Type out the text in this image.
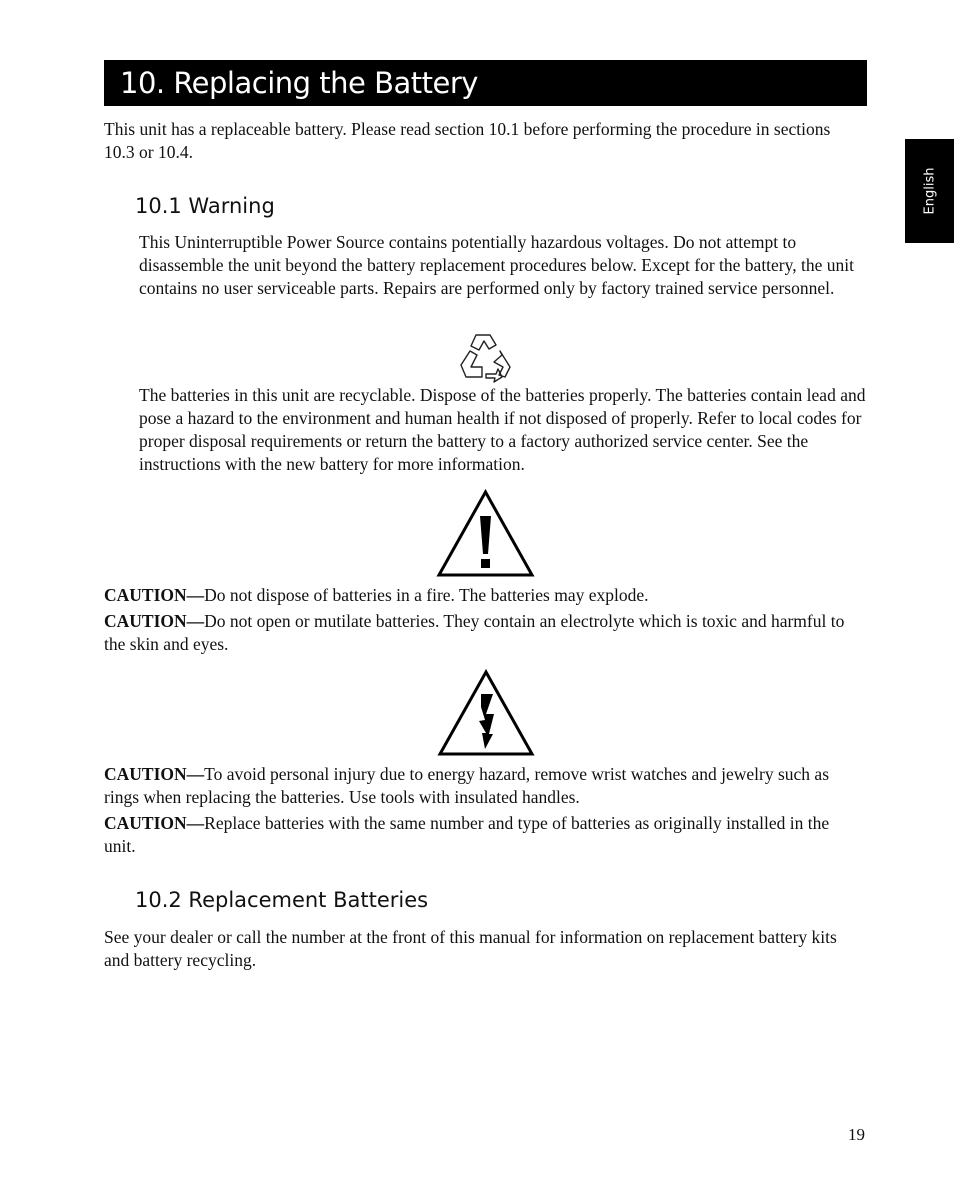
10. Replacing the Battery
English

This unit has a replaceable battery. Please read section 10.1 before performing the procedure in sections 10.3 or 10.4.

10.1 Warning

This Uninterruptible Power Source contains potentially hazardous voltages. Do not attempt to disassemble the unit beyond the battery replacement procedures below. Except for the battery, the unit contains no user serviceable parts. Repairs are performed only by factory trained service personnel.

The batteries in this unit are recyclable. Dispose of the batteries properly. The batteries contain lead and pose a hazard to the environment and human health if not disposed of properly. Refer to local codes for proper disposal requirements or return the battery to a factory authorized service center. See the instructions with the new battery for more information.

CAUTION—Do not dispose of batteries in a fire. The batteries may explode.

CAUTION—Do not open or mutilate batteries. They contain an electrolyte which is toxic and harmful to the skin and eyes.

CAUTION—To avoid personal injury due to energy hazard, remove wrist watches and jewelry such as rings when replacing the batteries. Use tools with insulated handles.

CAUTION—Replace batteries with the same number and type of batteries as originally installed in the unit.

10.2 Replacement Batteries

See your dealer or call the number at the front of this manual for information on replacement battery kits and battery recycling.

19
